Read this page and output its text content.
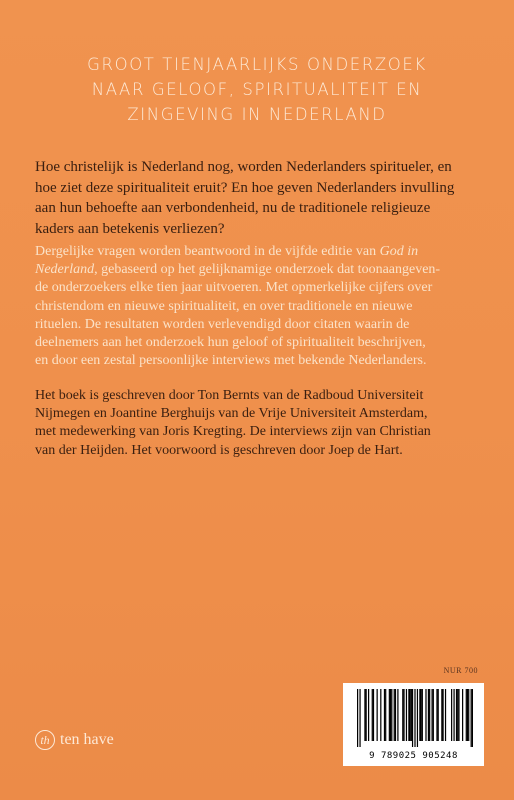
GROOT TIENJAARLIJKS ONDERZOEK
NAAR GELOOF, SPIRITUALITEIT EN
ZINGEVING IN NEDERLAND
Hoe christelijk is Nederland nog, worden Nederlanders spiritueler, en
hoe ziet deze spiritualiteit eruit? En hoe geven Nederlanders invulling
aan hun behoefte aan verbondenheid, nu de traditionele religieuze
kaders aan betekenis verliezen?
Dergelijke vragen worden beantwoord in de vijfde editie van God in
Nederland, gebaseerd op het gelijknamige onderzoek dat toonaangeven-
de onderzoekers elke tien jaar uitvoeren. Met opmerkelijke cijfers over
christendom en nieuwe spiritualiteit, en over traditionele en nieuwe
rituelen. De resultaten worden verlevendigd door citaten waarin de
deelnemers aan het onderzoek hun geloof of spiritualiteit beschrijven,
en door een zestal persoonlijke interviews met bekende Nederlanders.
Het boek is geschreven door Ton Bernts van de Radboud Universiteit
Nijmegen en Joantine Berghuijs van de Vrije Universiteit Amsterdam,
met medewerking van Joris Kregting. De interviews zijn van Christian
van der Heijden. Het voorwoord is geschreven door Joep de Hart.
NUR 700
9 789025 905248
th ten have
